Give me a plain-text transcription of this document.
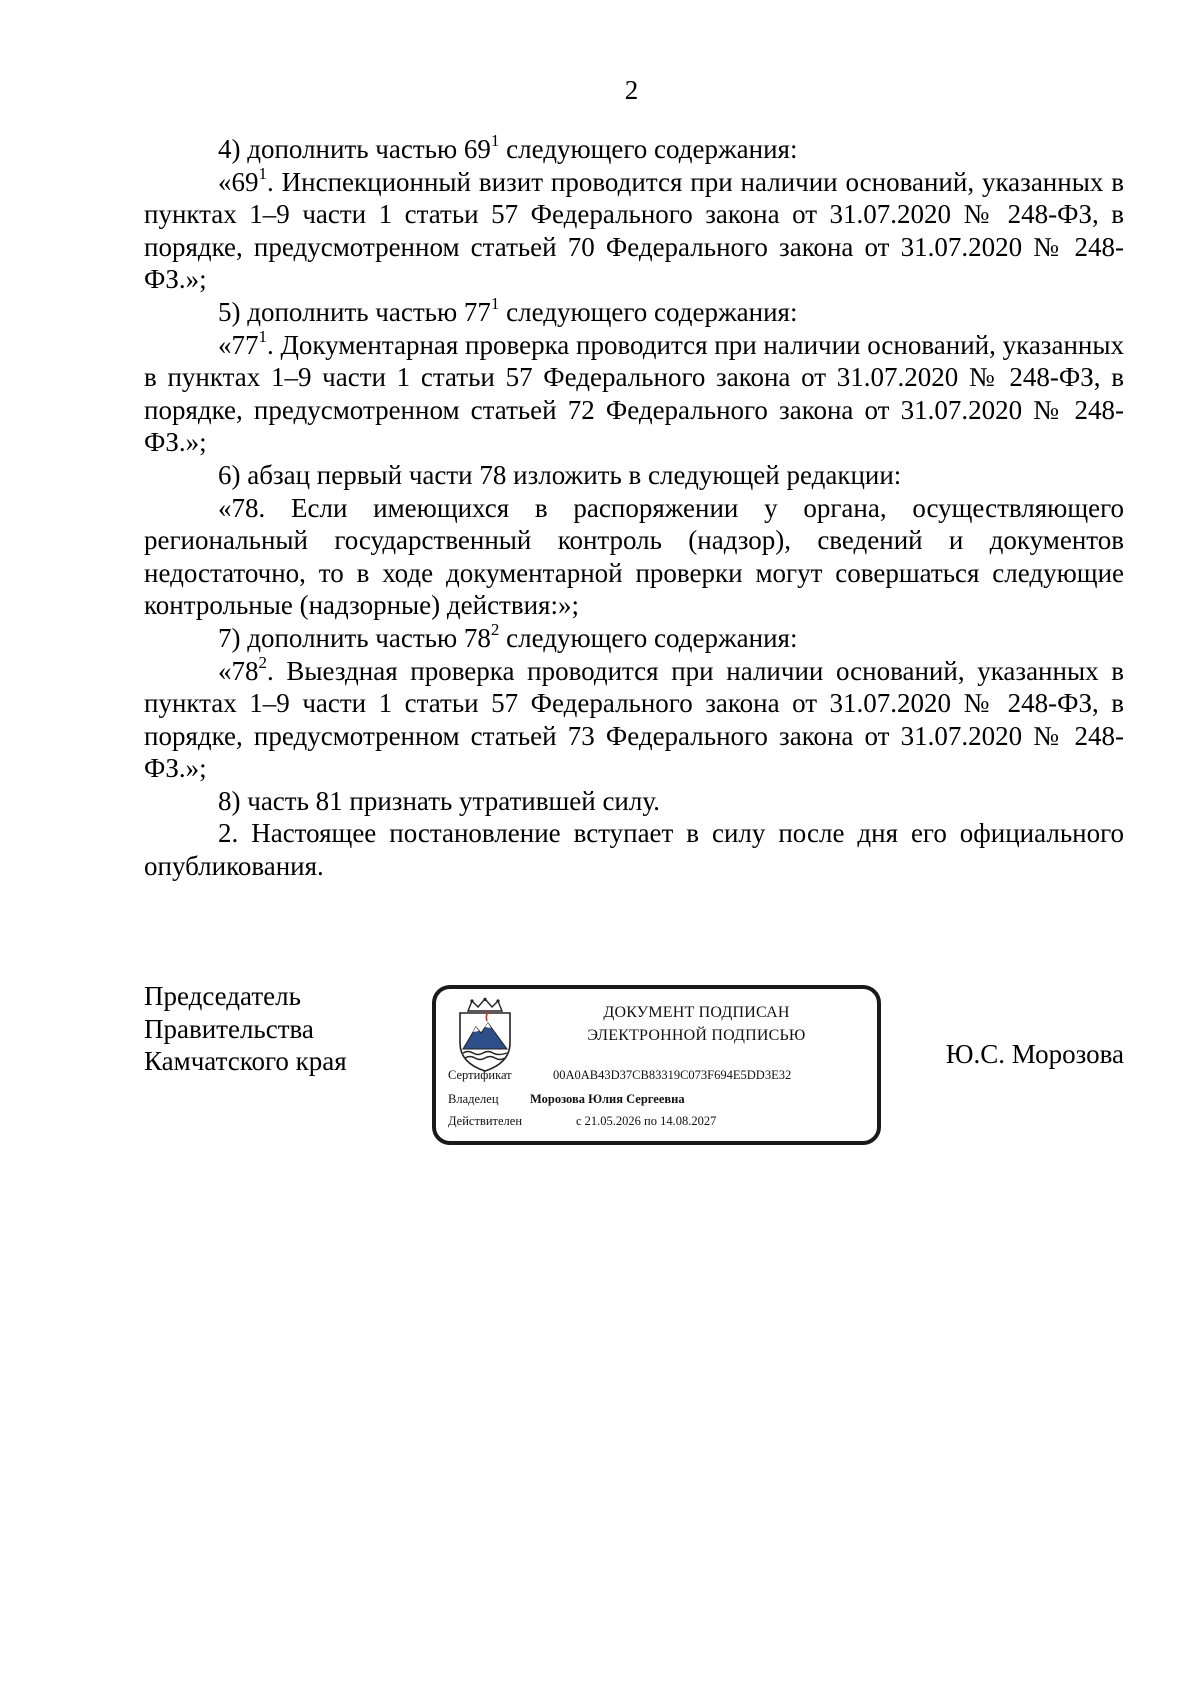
2

4) дополнить частью $69^1$ следующего содержания:

«$69^1$. Инспекционный визит проводится при наличии оснований, указанных в пунктах 1–9 части 1 статьи 57 Федерального закона от 31.07.2020 № 248-ФЗ, в порядке, предусмотренном статьей 70 Федерального закона от 31.07.2020 № 248-ФЗ.»;

5) дополнить частью $77^1$ следующего содержания:

«$77^1$. Документарная проверка проводится при наличии оснований, указанных в пунктах 1–9 части 1 статьи 57 Федерального закона от 31.07.2020 № 248-ФЗ, в порядке, предусмотренном статьей 72 Федерального закона от 31.07.2020 № 248-ФЗ.»;

6) абзац первый части 78 изложить в следующей редакции:

«78. Если имеющихся в распоряжении у органа, осуществляющего региональный государственный контроль (надзор), сведений и документов недостаточно, то в ходе документарной проверки могут совершаться следующие контрольные (надзорные) действия:»;

7) дополнить частью $78^2$ следующего содержания:

«$78^2$. Выездная проверка проводится при наличии оснований, указанных в пунктах 1–9 части 1 статьи 57 Федерального закона от 31.07.2020 № 248-ФЗ, в порядке, предусмотренном статьей 73 Федерального закона от 31.07.2020 № 248-ФЗ.»;

8) часть 81 признать утратившей силу.

2. Настоящее постановление вступает в силу после дня его официального опубликования.

Председатель
Правительства
Камчатского края
ДОКУМЕНТ ПОДПИСАН
ЭЛЕКТРОННОЙ ПОДПИСЬЮ
Сертификат	00A0AB43D37CB83319C073F694E5DD3E32
Владелец	Морозова Юлия Сергеевна
Действителен	с 21.05.2026 по 14.08.2027
Ю.С. Морозова
